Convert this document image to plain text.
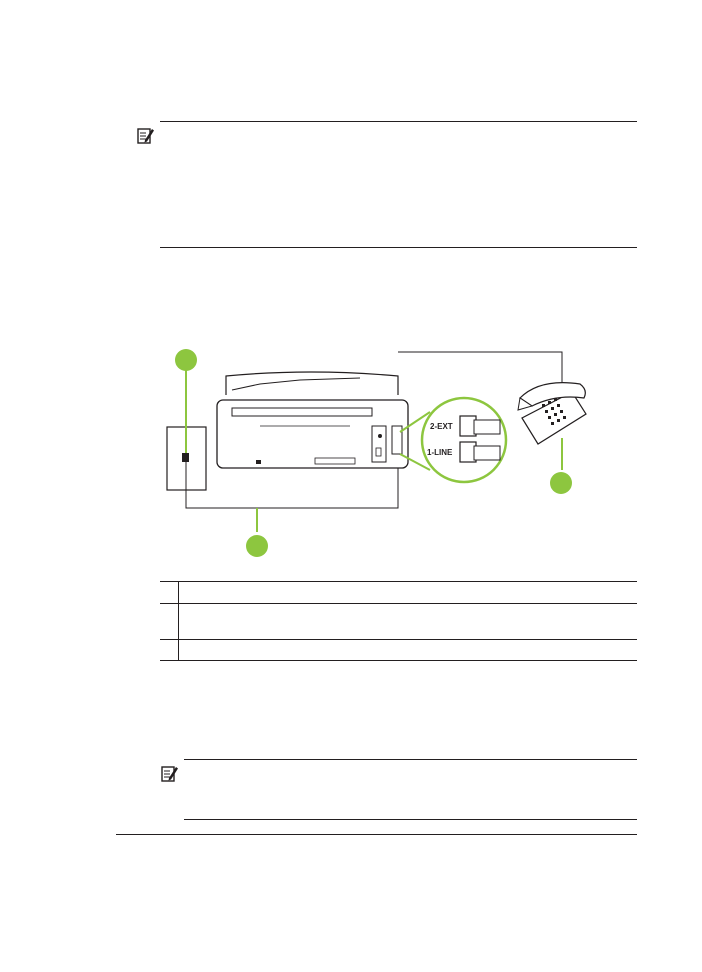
2-EXT
1-LINE
